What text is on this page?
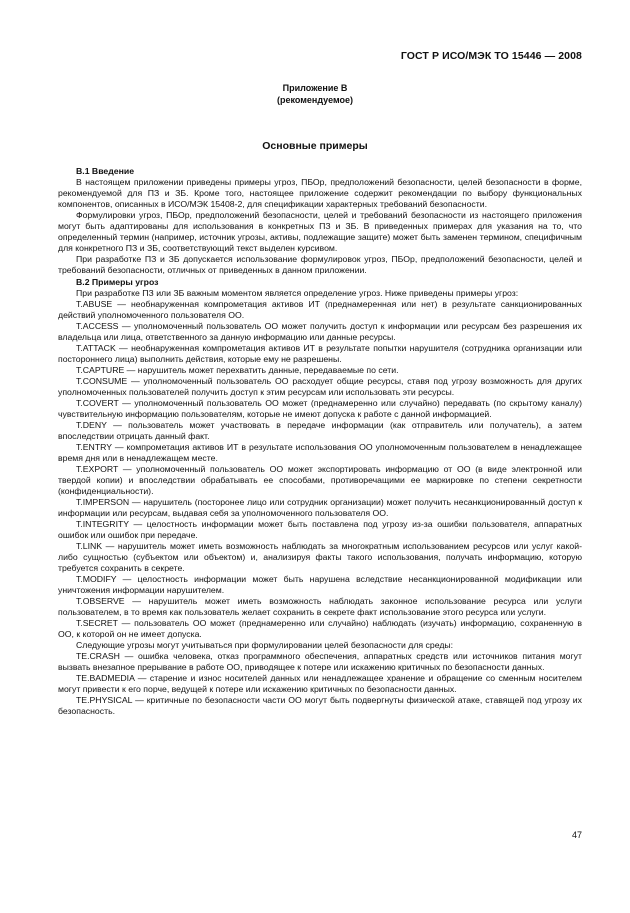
ГОСТ Р ИСО/МЭК ТО 15446 — 2008
Приложение В
(рекомендуемое)
Основные примеры

В.1 Введение

В настоящем приложении приведены примеры угроз, ПБОр, предположений безопасности, целей безопасности в форме, рекомендуемой для ПЗ и ЗБ. Кроме того, настоящее приложение содержит рекомендации по выбору функциональных компонентов, описанных в ИСО/МЭК 15408-2, для спецификации характерных требований безопасности.

Формулировки угроз, ПБОр, предположений безопасности, целей и требований безопасности из настоящего приложения могут быть адаптированы для использования в конкретных ПЗ и ЗБ. В приведенных примерах для указания на то, что определенный термин (например, источник угрозы, активы, подлежащие защите) может быть заменен термином, специфичным для конкретного ПЗ и ЗБ, соответствующий текст выделен курсивом.

При разработке ПЗ и ЗБ допускается использование формулировок угроз, ПБОр, предположений безопасности, целей и требований безопасности, отличных от приведенных в данном приложении.

В.2 Примеры угроз

При разработке ПЗ или ЗБ важным моментом является определение угроз. Ниже приведены примеры угроз:

T.ABUSE — необнаруженная компрометация активов ИТ (преднамеренная или нет) в результате санкционированных действий уполномоченного пользователя ОО.

T.ACCESS — уполномоченный пользователь ОО может получить доступ к информации или ресурсам без разрешения их владельца или лица, ответственного за данную информацию или данные ресурсы.

T.ATTACK — необнаруженная компрометация активов ИТ в результате попытки нарушителя (сотрудника организации или постороннего лица) выполнить действия, которые ему не разрешены.

T.CAPTURE — нарушитель может перехватить данные, передаваемые по сети.

T.CONSUME — уполномоченный пользователь ОО расходует общие ресурсы, ставя под угрозу возможность для других уполномоченных пользователей получить доступ к этим ресурсам или использовать эти ресурсы.

T.COVERT — уполномоченный пользователь ОО может (преднамеренно или случайно) передавать (по скрытому каналу) чувствительную информацию пользователям, которые не имеют допуска к работе с данной информацией.

T.DENY — пользователь может участвовать в передаче информации (как отправитель или получатель), а затем впоследствии отрицать данный факт.

T.ENTRY — компрометация активов ИТ в результате использования ОО уполномоченным пользователем в ненадлежащее время дня или в ненадлежащем месте.

T.EXPORT — уполномоченный пользователь ОО может экспортировать информацию от ОО (в виде электронной или твердой копии) и впоследствии обрабатывать ее способами, противоречащими ее маркировке по степени секретности (конфиденциальности).

T.IMPERSON — нарушитель (посторонее лицо или сотрудник организации) может получить несанкционированный доступ к информации или ресурсам, выдавая себя за уполномоченного пользователя ОО.

T.INTEGRITY — целостность информации может быть поставлена под угрозу из-за ошибки пользователя, аппаратных ошибок или ошибок при передаче.

T.LINK — нарушитель может иметь возможность наблюдать за многократным использованием ресурсов или услуг какой-либо сущностью (субъектом или объектом) и, анализируя факты такого использования, получать информацию, которую требуется сохранить в секрете.

T.MODIFY — целостность информации может быть нарушена вследствие несанкционированной модификации или уничтожения информации нарушителем.

T.OBSERVE — нарушитель может иметь возможность наблюдать законное использование ресурса или услуги пользователем, в то время как пользователь желает сохранить в секрете факт использование этого ресурса или услуги.

T.SECRET — пользователь ОО может (преднамеренно или случайно) наблюдать (изучать) информацию, сохраненную в ОО, к которой он не имеет допуска.

Следующие угрозы могут учитываться при формулировании целей безопасности для среды:

TE.CRASH — ошибка человека, отказ программного обеспечения, аппаратных средств или источников питания могут вызвать внезапное прерывание в работе ОО, приводящее к потере или искажению критичных по безопасности данных.

TE.BADMEDIA — старение и износ носителей данных или ненадлежащее хранение и обращение со сменным носителем могут привести к его порче, ведущей к потере или искажению критичных по безопасности данных.

TE.PHYSICAL — критичные по безопасности части ОО могут быть подвергнуты физической атаке, ставящей под угрозу их безопасность.

47
